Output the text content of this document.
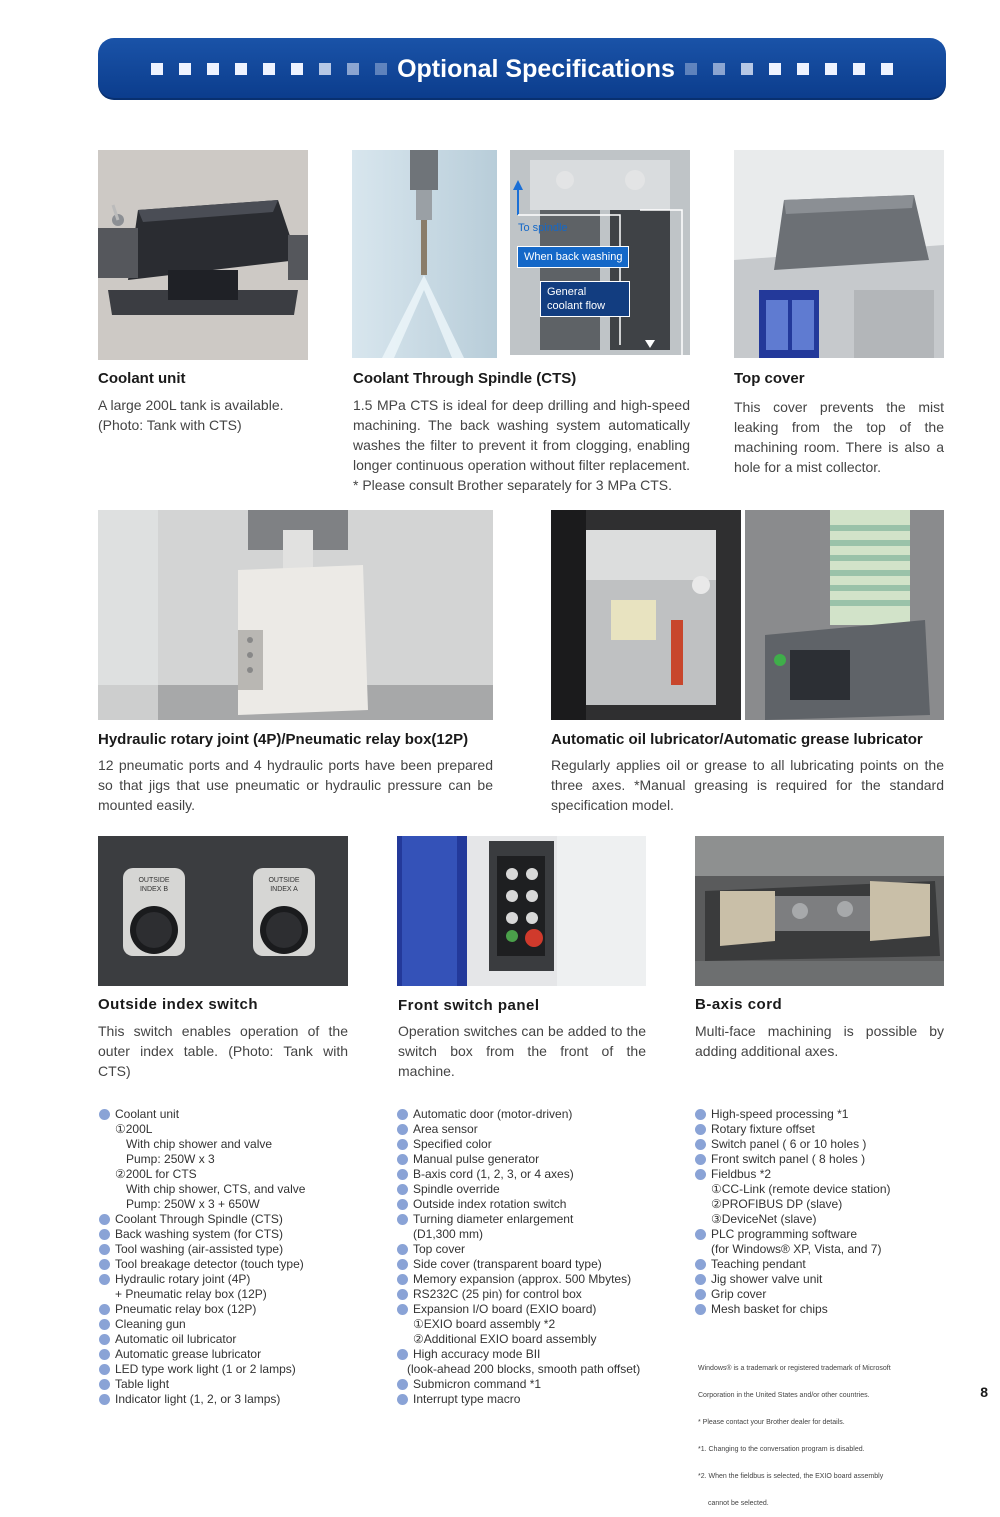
Optional Specifications
To spindle
When back washing
General coolant flow
Coolant unit
A large 200L tank is available. (Photo: Tank with CTS)
Coolant Through Spindle (CTS)
1.5 MPa CTS is ideal for deep drilling and high-speed machining. The back washing system automatically washes the filter to prevent it from clogging, enabling longer continuous operation without filter replacement. * Please consult Brother separately for 3 MPa CTS.
Top cover
This cover prevents the mist leaking from the top of the machining room. There is also a hole for a mist collector.
Hydraulic rotary joint (4P)/Pneumatic relay box(12P)
12 pneumatic ports and 4 hydraulic ports have been prepared so that jigs that use pneumatic or hydraulic pressure can be mounted easily.
Automatic oil lubricator/Automatic grease lubricator
Regularly applies oil or grease to all lubricating points on the three axes. *Manual greasing is required for the standard specification model.
OUTSIDE
INDEX B
OUTSIDE
INDEX A
Outside index switch
This switch enables operation of the outer index table. (Photo: Tank with CTS)
Front switch panel
Operation switches can be added to the switch box from the front of the machine.
B-axis cord
Multi-face machining is possible by adding additional axes.
Coolant unit
①200L
With chip shower and valve
Pump: 250W x 3
②200L for CTS
With chip shower, CTS, and valve
Pump: 250W x 3 + 650W
Coolant Through Spindle (CTS)
Back washing system (for CTS)
Tool washing (air-assisted type)
Tool breakage detector (touch type)
Hydraulic rotary joint (4P)
+ Pneumatic relay box (12P)
Pneumatic relay box (12P)
Cleaning gun
Automatic oil lubricator
Automatic grease lubricator
LED type work light (1 or 2 lamps)
Table light
Indicator light (1, 2, or 3 lamps)
Automatic door (motor-driven)
Area sensor
Specified color
Manual pulse generator
B-axis cord (1, 2, 3, or 4 axes)
Spindle override
Outside index rotation switch
Turning diameter enlargement
(D1,300 mm)
Top cover
Side cover (transparent board type)
Memory expansion (approx. 500 Mbytes)
RS232C (25 pin) for control box
Expansion I/O board (EXIO board)
①EXIO board assembly *2
②Additional EXIO board assembly
High accuracy mode BII
(look-ahead 200 blocks, smooth path offset)
Submicron command *1
Interrupt type macro
High-speed processing *1
Rotary fixture offset
Switch panel ( 6 or 10 holes )
Front switch panel ( 8 holes )
Fieldbus *2
①CC-Link (remote device station)
②PROFIBUS DP (slave)
③DeviceNet (slave)
PLC programming software
(for Windows® XP, Vista, and 7)
Teaching pendant
Jig shower valve unit
Grip cover
Mesh basket for chips

Windows® is a trademark or registered trademark of Microsoft

Corporation in the United States and/or other countries.

* Please contact your Brother dealer for details.

*1. Changing to the conversation program is disabled.

*2. When the fieldbus is selected, the EXIO board assembly

cannot be selected.

8
